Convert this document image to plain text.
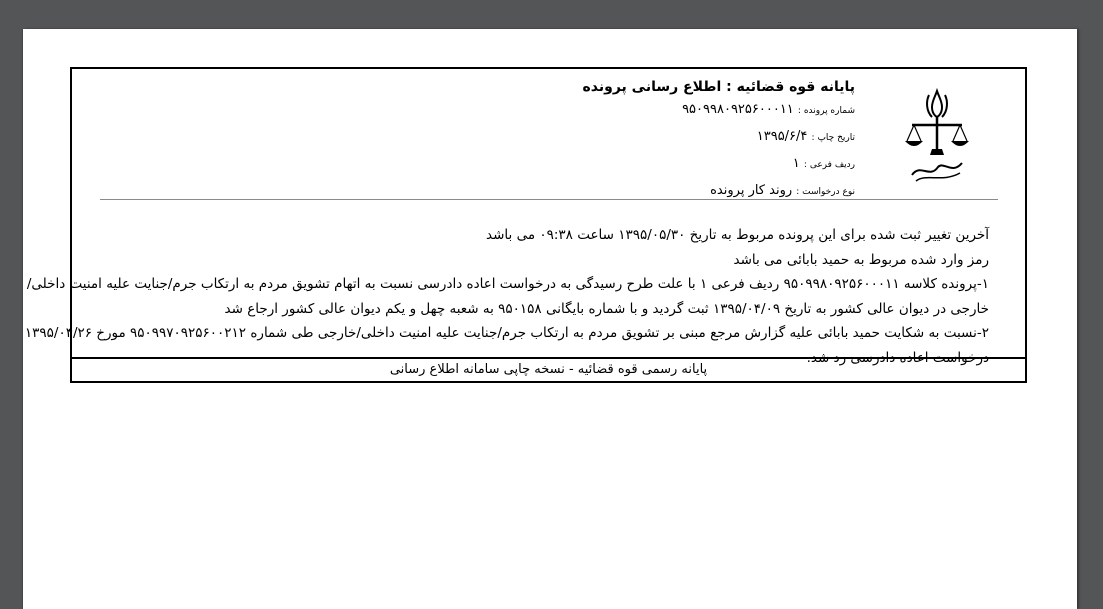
پایانه قوه قضائیه : اطلاع رسانی پرونده
شماره پرونده : ۹۵۰۹۹۸۰۹۲۵۶۰۰۰۱۱
تاریخ چاپ : ۱۳۹۵/۶/۴
ردیف فرعی : ۱
نوع درخواست : روند کار پرونده

آخرین تغییر ثبت شده برای این پرونده مربوط به تاریخ ۱۳۹۵/۰۵/۳۰ ساعت ۰۹:۳۸ می باشد

رمز وارد شده مربوط به حمید بابائی می باشد

۱-پرونده کلاسه ۹۵۰۹۹۸۰۹۲۵۶۰۰۰۱۱ ردیف فرعی ۱ با علت طرح رسیدگی به درخواست اعاده دادرسی نسبت به اتهام تشویق مردم به ارتکاب جرم/جنایت علیه امنیت داخلی/

خارجی در دیوان عالی کشور به تاریخ ۱۳۹۵/۰۴/۰۹ ثبت گردید و با شماره بایگانی ۹۵۰۱۵۸ به شعبه چهل و یکم دیوان عالی کشور ارجاع شد

۲-نسبت به شکایت حمید بابائی علیه گزارش مرجع مبنی بر تشویق مردم به ارتکاب جرم/جنایت علیه امنیت داخلی/خارجی طی شماره ۹۵۰۹۹۷۰۹۲۵۶۰۰۲۱۲ مورخ ۱۳۹۵/۰۴/۲۶

درخواست اعاده دادرسی رد شد.

پایانه رسمی قوه قضائیه - نسخه چاپی سامانه اطلاع رسانی
